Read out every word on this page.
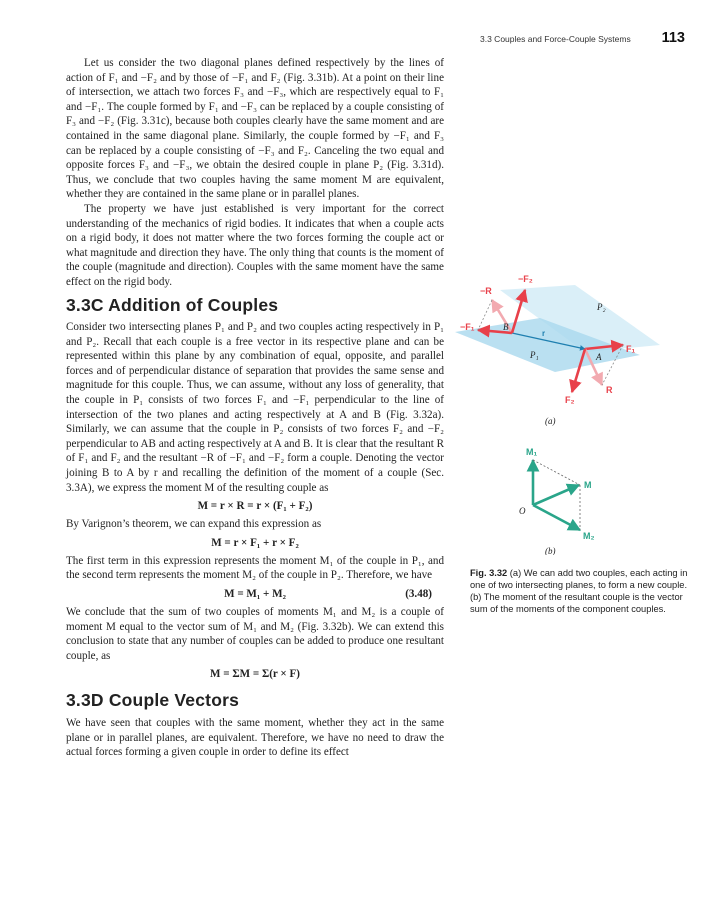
3.3 Couples and Force-Couple Systems 113

Let us consider the two diagonal planes defined respectively by the lines of action of F₁ and −F₂ and by those of −F₁ and F₂ (Fig. 3.31b). At a point on their line of intersection, we attach two forces F₃ and −F₃, which are respectively equal to F₁ and −F₁. The couple formed by F₁ and −F₃ can be replaced by a couple consisting of F₃ and −F₂ (Fig. 3.31c), because both couples clearly have the same moment and are contained in the same diagonal plane. Similarly, the couple formed by −F₁ and F₃ can be replaced by a couple consisting of −F₃ and F₂. Canceling the two equal and opposite forces F₃ and −F₃, we obtain the desired couple in plane P₂ (Fig. 3.31d). Thus, we conclude that two couples having the same moment M are equivalent, whether they are contained in the same plane or in parallel planes.

The property we have just established is very important for the correct understanding of the mechanics of rigid bodies. It indicates that when a couple acts on a rigid body, it does not matter where the two forces forming the couple act or what magnitude and direction they have. The only thing that counts is the moment of the couple (magnitude and direction). Couples with the same moment have the same effect on the rigid body.

3.3C Addition of Couples

Consider two intersecting planes P₁ and P₂ and two couples acting respectively in P₁ and P₂. Recall that each couple is a free vector in its respective plane and can be represented within this plane by any combination of equal, opposite, and parallel forces and of perpendicular distance of separation that provides the same sense and magnitude for this couple. Thus, we can assume, without any loss of generality, that the couple in P₁ consists of two forces F₁ and −F₁ perpendicular to the line of intersection of the two planes and acting respectively at A and B (Fig. 3.32a). Similarly, we can assume that the couple in P₂ consists of two forces F₂ and −F₂ perpendicular to AB and acting respectively at A and B. It is clear that the resultant R of F₁ and F₂ and the resultant −R of −F₁ and −F₂ form a couple. Denoting the vector joining B to A by r and recalling the definition of the moment of a couple (Sec. 3.3A), we express the moment M of the resulting couple as

M = r × R = r × (F₁ + F₂)

By Varignon’s theorem, we can expand this expression as

M = r × F₁ + r × F₂

The first term in this expression represents the moment M₁ of the couple in P₁, and the second term represents the moment M₂ of the couple in P₂. Therefore, we have

M = M₁ + M₂	(3.48)

We conclude that the sum of two couples of moments M₁ and M₂ is a couple of moment M equal to the vector sum of M₁ and M₂ (Fig. 3.32b). We can extend this conclusion to state that any number of couples can be added to produce one resultant couple, as

M = ΣM = Σ(r × F)
3.3D Couple Vectors

We have seen that couples with the same moment, whether they act in the same plane or in parallel planes, are equivalent. Therefore, we have no need to draw the actual forces forming a given couple in order to define its effect

−R
−F₂
P₂
−F₁	B
r
P₁	A
F₁
R
F₂
(a)
M₁
M
O
M₂
(b)
Fig. 3.32 (a) We can add two couples, each acting in one of two intersecting planes, to form a new couple. (b) The moment of the resultant couple is the vector sum of the moments of the component couples.
